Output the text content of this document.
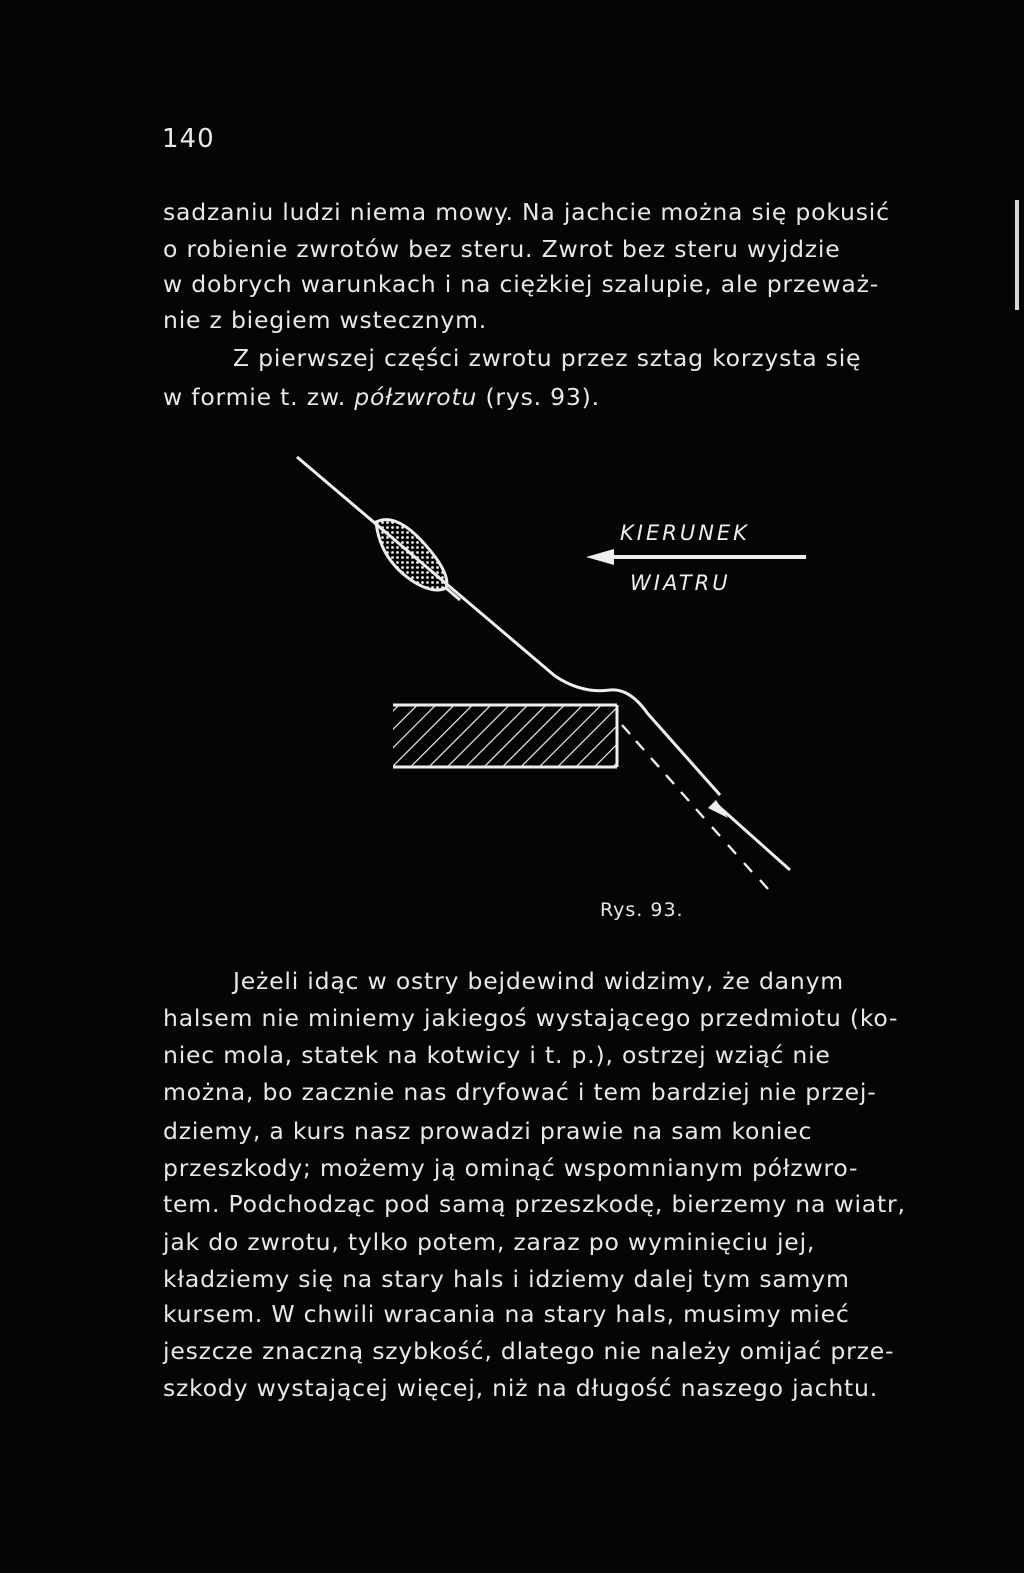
140
sadzaniu ludzi niema mowy. Na jachcie można się pokusić
o robienie zwrotów bez steru. Zwrot bez steru wyjdzie
w dobrych warunkach i na ciężkiej szalupie, ale przeważ-
nie z biegiem wstecznym.
Z pierwszej części zwrotu przez sztag korzysta się
w formie t. zw. półzwrotu (rys. 93).
KIERUNEK
WIATRU
Rys. 93.
Jeżeli idąc w ostry bejdewind widzimy, że danym
halsem nie miniemy jakiegoś wystającego przedmiotu (ko-
niec mola, statek na kotwicy i t. p.), ostrzej wziąć nie
można, bo zacznie nas dryfować i tem bardziej nie przej-
dziemy, a kurs nasz prowadzi prawie na sam koniec
przeszkody; możemy ją ominąć wspomnianym półzwro-
tem. Podchodząc pod samą przeszkodę, bierzemy na wiatr,
jak do zwrotu, tylko potem, zaraz po wyminięciu jej,
kładziemy się na stary hals i idziemy dalej tym samym
kursem. W chwili wracania na stary hals, musimy mieć
jeszcze znaczną szybkość, dlatego nie należy omijać prze-
szkody wystającej więcej, niż na długość naszego jachtu.
